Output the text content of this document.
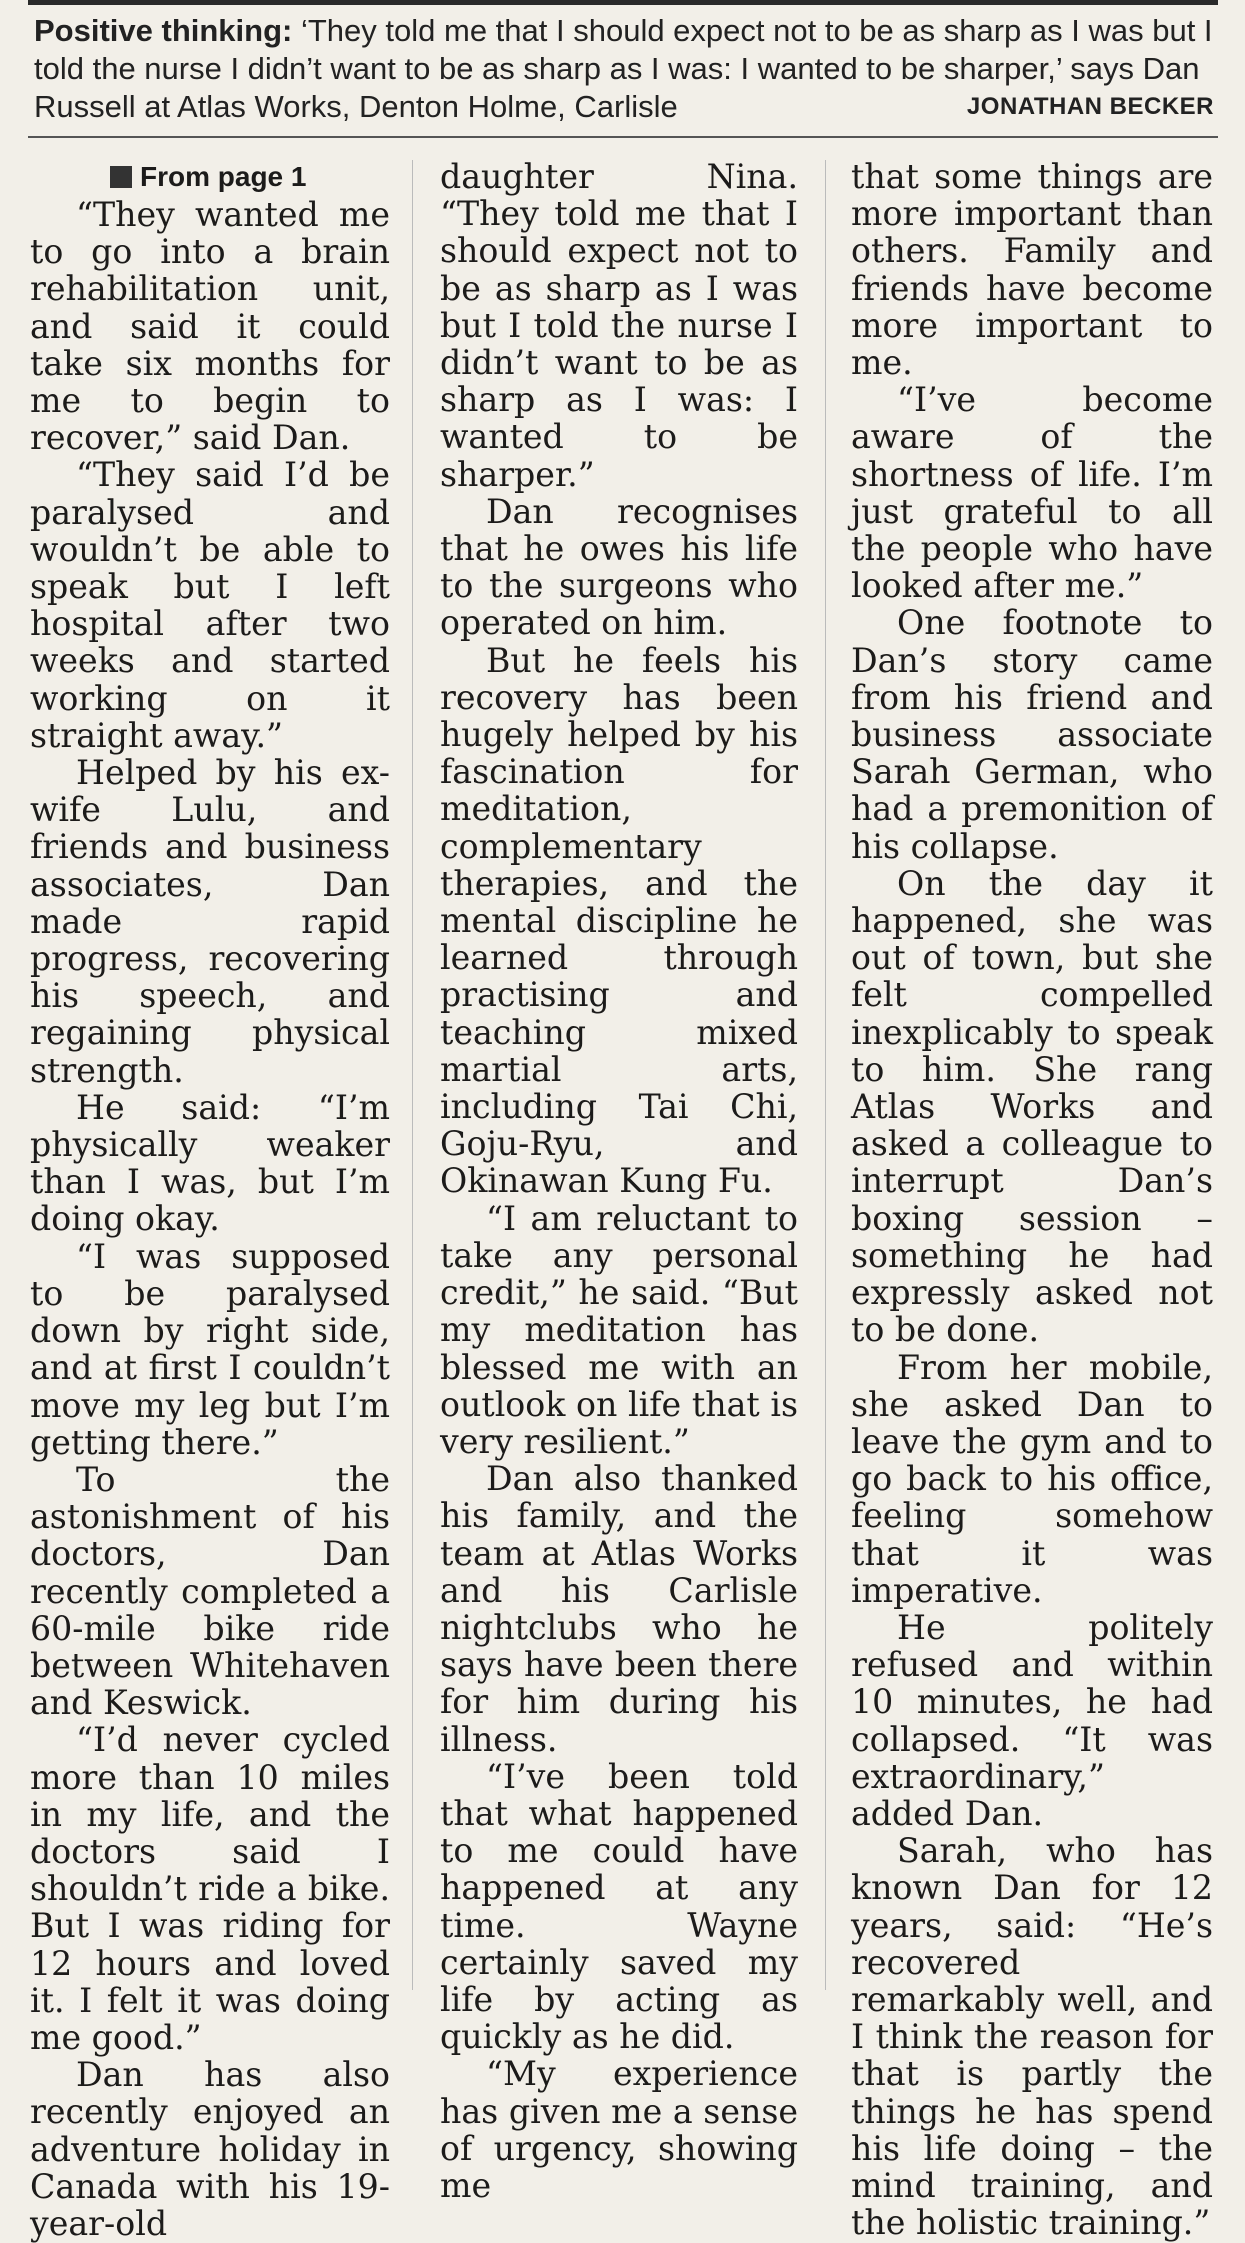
Positive thinking: ‘They told me that I should expect not to be as sharp as I was but I told the nurse I didn’t want to be as sharp as I was: I wanted to be sharper,’ says Dan Russell at Atlas Works, Denton Holme, Carlisle	JONATHAN BECKER
From page 1

“They wanted me to go into a brain rehabilitation unit, and said it could take six months for me to begin to recover,” said Dan.

“They said I’d be paralysed and wouldn’t be able to speak but I left hospital after two weeks and started working on it straight away.”

Helped by his ex-wife Lulu, and friends and business associates, Dan made rapid progress, recovering his speech, and regaining physical strength.

He said: “I’m physically weaker than I was, but I’m doing okay.

“I was supposed to be paralysed down by right side, and at first I couldn’t move my leg but I’m getting there.”

To the astonishment of his doctors, Dan recently completed a 60-mile bike ride between Whitehaven and Keswick.

“I’d never cycled more than 10 miles in my life, and the doctors said I shouldn’t ride a bike. But I was riding for 12 hours and loved it. I felt it was doing me good.”

Dan has also recently enjoyed an adventure holiday in Canada with his 19-year-old

daughter Nina. “They told me that I should expect not to be as sharp as I was but I told the nurse I didn’t want to be as sharp as I was: I wanted to be sharper.”

Dan recognises that he owes his life to the surgeons who operated on him.

But he feels his recovery has been hugely helped by his fascination for meditation, complementary therapies, and the mental discipline he learned through practising and teaching mixed martial arts, including Tai Chi, Goju-Ryu, and Okinawan Kung Fu.

“I am reluctant to take any personal credit,” he said. “But my meditation has blessed me with an outlook on life that is very resilient.”

Dan also thanked his family, and the team at Atlas Works and his Carlisle nightclubs who he says have been there for him during his illness.

“I’ve been told that what happened to me could have happened at any time. Wayne certainly saved my life by acting as quickly as he did.

“My experience has given me a sense of urgency, showing me

that some things are more important than others. Family and friends have become more important to me.

“I’ve become aware of the shortness of life. I’m just grateful to all the people who have looked after me.”

One footnote to Dan’s story came from his friend and business associate Sarah German, who had a premonition of his collapse.

On the day it happened, she was out of town, but she felt compelled inexplicably to speak to him. She rang Atlas Works and asked a colleague to interrupt Dan’s boxing session – something he had expressly asked not to be done.

From her mobile, she asked Dan to leave the gym and to go back to his office, feeling somehow that it was imperative.

He politely refused and within 10 minutes, he had collapsed. “It was extraordinary,” added Dan.

Sarah, who has known Dan for 12 years, said: “He’s recovered remarkably well, and I think the reason for that is partly the things he has spend his life doing – the mind training, and the holistic training.”
